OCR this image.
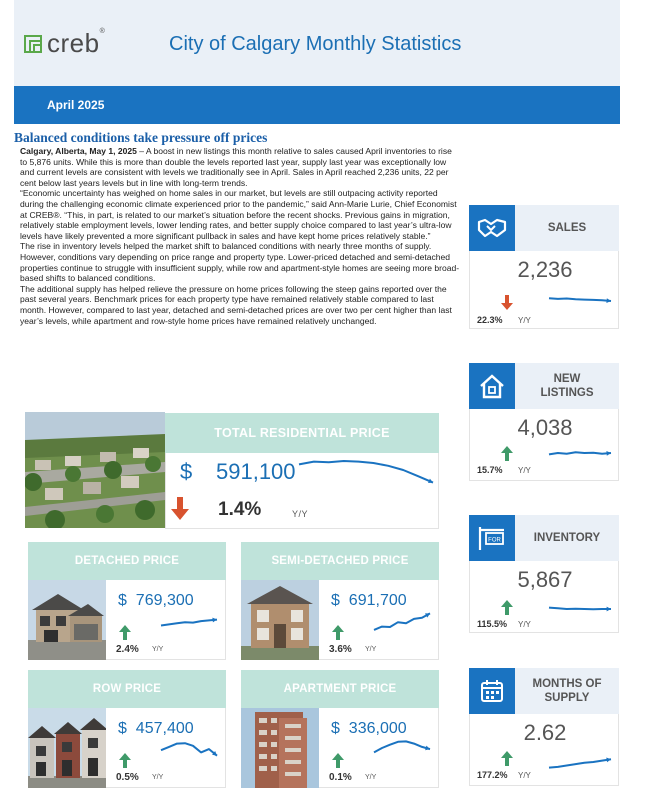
creb®
City of Calgary Monthly Statistics
April 2025
Balanced conditions take pressure off prices

Calgary, Alberta, May 1, 2025 – A boost in new listings this month relative to sales caused April inventories to rise to 5,876 units. While this is more than double the levels reported last year, supply last year was exceptionally low and current levels are consistent with levels we traditionally see in April. Sales in April reached 2,236 units, 22 per cent below last years levels but in line with long-term trends.

“Economic uncertainty has weighed on home sales in our market, but levels are still outpacing activity reported during the challenging economic climate experienced prior to the pandemic,” said Ann-Marie Lurie, Chief Economist at CREB®. “This, in part, is related to our market’s situation before the recent shocks. Previous gains in migration, relatively stable employment levels, lower lending rates, and better supply choice compared to last year’s ultra-low levels have likely prevented a more significant pullback in sales and have kept home prices relatively stable.”

The rise in inventory levels helped the market shift to balanced conditions with nearly three months of supply. However, conditions vary depending on price range and property type. Lower-priced detached and semi-detached properties continue to struggle with insufficient supply, while row and apartment-style homes are seeing more broad-based shifts to balanced conditions.

The additional supply has helped relieve the pressure on home prices following the steep gains reported over the past several years. Benchmark prices for each property type have remained relatively stable compared to last month. However, compared to last year, detached and semi-detached prices are over two per cent higher than last year’s levels, while apartment and row-style home prices have remained relatively unchanged.

TOTAL RESIDENTIAL PRICE
$ 591,100
1.4%	Y/Y
DETACHED PRICE
$ 769,300
2.4% Y/Y
SEMI-DETACHED PRICE
$ 691,700
3.6% Y/Y
ROW PRICE
$ 457,400
0.5% Y/Y
APARTMENT PRICE
$ 336,000
0.1% Y/Y
SALES
2,236
22.3% Y/Y
NEW LISTINGS
4,038
15.7% Y/Y
FOR	INVENTORY
5,867
115.5% Y/Y
MONTHS OF SUPPLY
2.62
177.2% Y/Y
